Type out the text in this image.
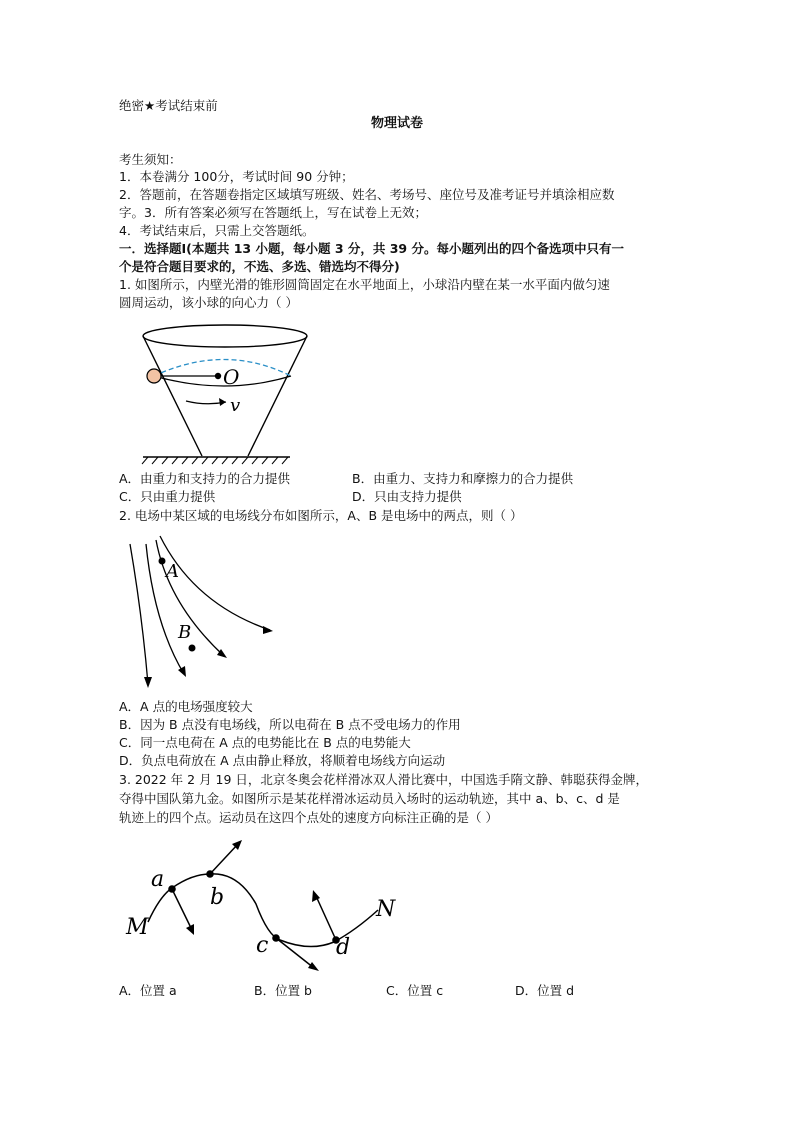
绝密★考试结束前
物理试卷
考生须知：
1．本卷满分 100分，考试时间 90 分钟；
2．答题前，在答题卷指定区域填写班级、姓名、考场号、座位号及准考证号并填涂相应数
字。3．所有答案必须写在答题纸上，写在试卷上无效；
4．考试结束后，只需上交答题纸。
一．选择题Ⅰ(本题共 13 小题，每小题 3 分，共 39 分。每小题列出的四个备选项中只有一
个是符合题目要求的，不选、多选、错选均不得分)
1. 如图所示，内壁光滑的锥形圆筒固定在水平地面上，小球沿内壁在某一水平面内做匀速
圆周运动，该小球的向心力（ ）
O
v
A．由重力和支持力的合力提供	B．由重力、支持力和摩擦力的合力提供
C．只由重力提供	D．只由支持力提供
2. 电场中某区域的电场线分布如图所示，A、B 是电场中的两点，则（ ）
A
B
A．A 点的电场强度较大
B．因为 B 点没有电场线，所以电荷在 B 点不受电场力的作用
C．同一点电荷在 A 点的电势能比在 B 点的电势能大
D．负点电荷放在 A 点由静止释放，将顺着电场线方向运动
3. 2022 年 2 月 19 日，北京冬奥会花样滑冰双人滑比赛中，中国选手隋文静、韩聪获得金牌，
夺得中国队第九金。如图所示是某花样滑冰运动员入场时的运动轨迹，其中 a、b、c、d 是
轨迹上的四个点。运动员在这四个点处的速度方向标注正确的是（ ）
a
b
c	d
M
N
A．位置 a	B．位置 b	C．位置 c	D．位置 d
